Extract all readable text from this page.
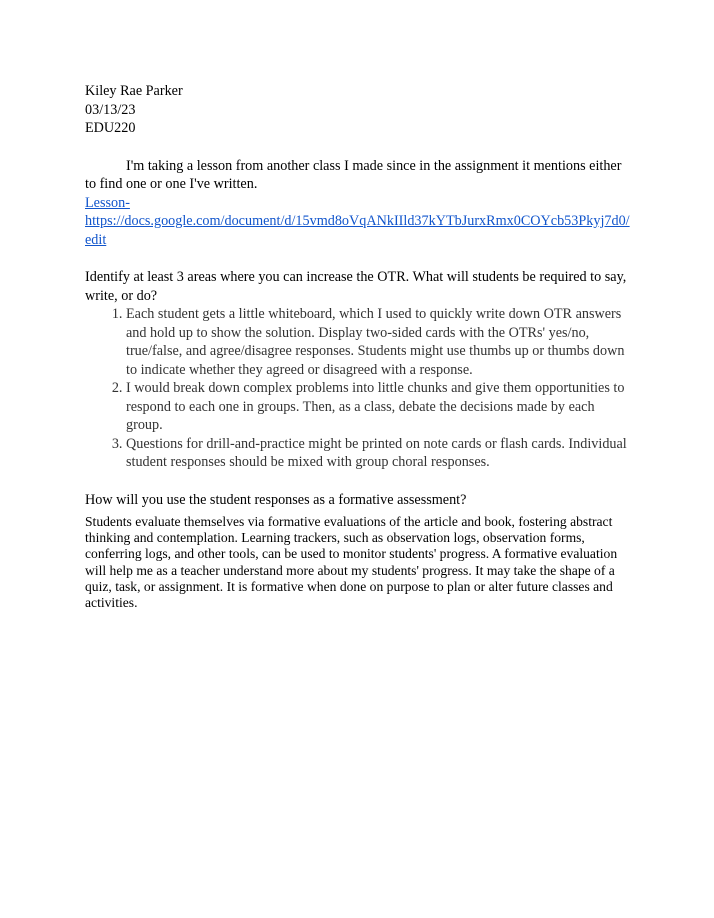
Kiley Rae Parker
03/13/23
EDU220

I'm taking a lesson from another class I made since in the assignment it mentions either to find one or one I've written.

Lesson-
https://docs.google.com/document/d/15vmd8oVqANkIIld37kYTbJurxRmx0COYcb53Pkyj7d0/edit

Identify at least 3 areas where you can increase the OTR. What will students be required to say, write, or do?

1. Each student gets a little whiteboard, which I used to quickly write down OTR answers and hold up to show the solution. Display two-sided cards with the OTRs' yes/no, true/false, and agree/disagree responses. Students might use thumbs up or thumbs down to indicate whether they agreed or disagreed with a response.
2. I would break down complex problems into little chunks and give them opportunities to respond to each one in groups. Then, as a class, debate the decisions made by each group.
3. Questions for drill-and-practice might be printed on note cards or flash cards. Individual student responses should be mixed with group choral responses.

How will you use the student responses as a formative assessment?

Students evaluate themselves via formative evaluations of the article and book, fostering abstract thinking and contemplation. Learning trackers, such as observation logs, observation forms, conferring logs, and other tools, can be used to monitor students' progress. A formative evaluation will help me as a teacher understand more about my students' progress. It may take the shape of a quiz, task, or assignment. It is formative when done on purpose to plan or alter future classes and activities.
